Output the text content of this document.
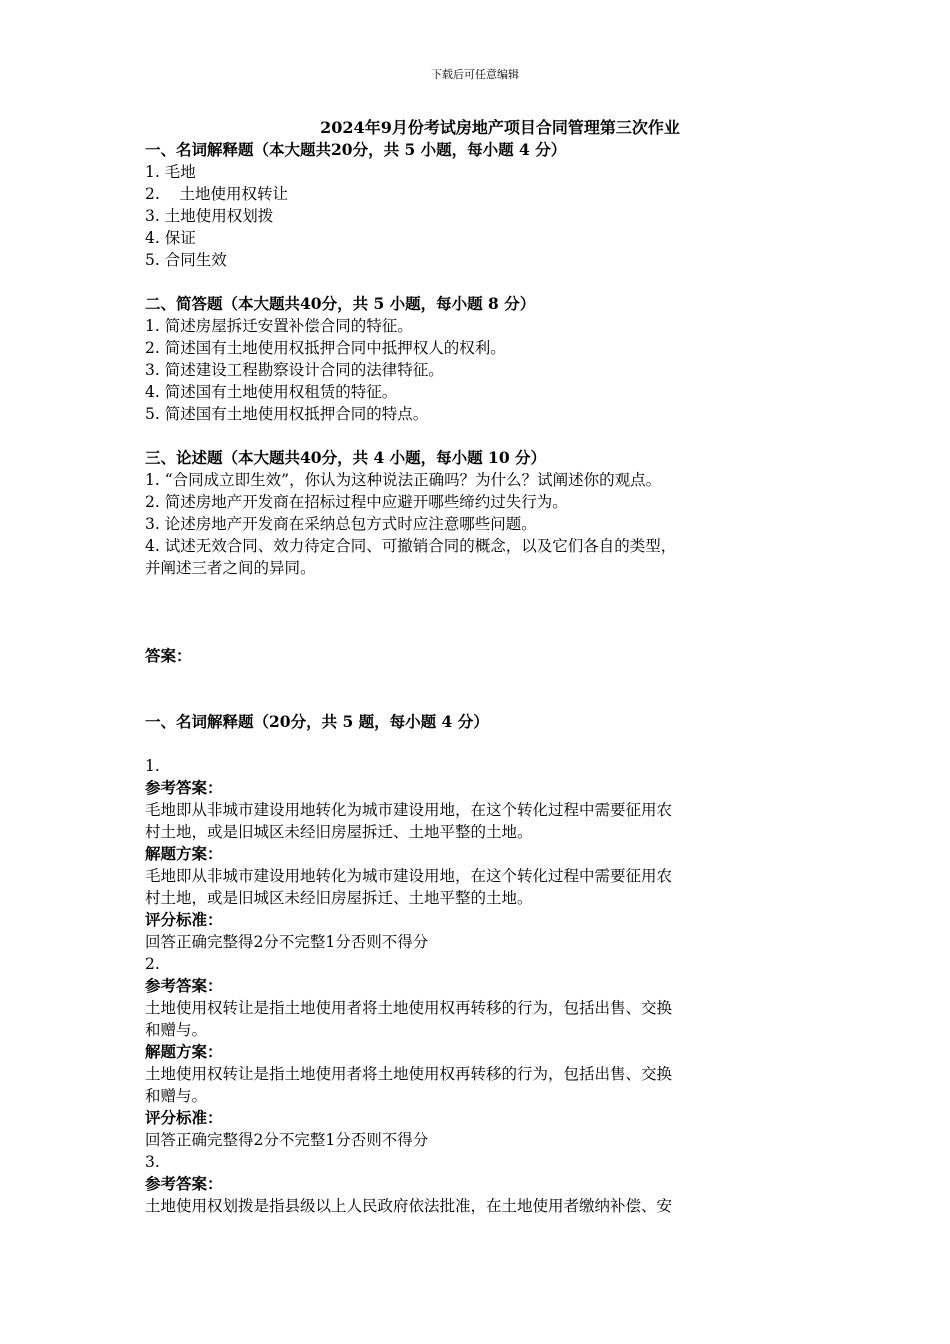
下载后可任意编辑
2024年9月份考试房地产项目合同管理第三次作业
一、名词解释题（本大题共20分，共 5 小题，每小题 4 分）
1. 毛地
2.    土地使用权转让
3. 土地使用权划拨
4. 保证
5. 合同生效
二、简答题（本大题共40分，共 5 小题，每小题 8 分）
1. 简述房屋拆迁安置补偿合同的特征。
2. 简述国有土地使用权抵押合同中抵押权人的权利。
3. 简述建设工程勘察设计合同的法律特征。
4. 简述国有土地使用权租赁的特征。
5. 简述国有土地使用权抵押合同的特点。
三、论述题（本大题共40分，共 4 小题，每小题 10 分）
1. “合同成立即生效”，你认为这种说法正确吗？为什么？试阐述你的观点。
2. 简述房地产开发商在招标过程中应避开哪些缔约过失行为。
3. 论述房地产开发商在采纳总包方式时应注意哪些问题。
4. 试述无效合同、效力待定合同、可撤销合同的概念，以及它们各自的类型，
并阐述三者之间的异同。
答案：
一、名词解释题（20分，共 5 题，每小题 4 分）
1.
参考答案：
毛地即从非城市建设用地转化为城市建设用地，在这个转化过程中需要征用农
村土地，或是旧城区未经旧房屋拆迁、土地平整的土地。
解题方案：
毛地即从非城市建设用地转化为城市建设用地，在这个转化过程中需要征用农
村土地，或是旧城区未经旧房屋拆迁、土地平整的土地。
评分标准：
回答正确完整得2分不完整1分否则不得分
2.
参考答案：
土地使用权转让是指土地使用者将土地使用权再转移的行为，包括出售、交换
和赠与。
解题方案：
土地使用权转让是指土地使用者将土地使用权再转移的行为，包括出售、交换
和赠与。
评分标准：
回答正确完整得2分不完整1分否则不得分
3.
参考答案：
土地使用权划拨是指县级以上人民政府依法批准，在土地使用者缴纳补偿、安
